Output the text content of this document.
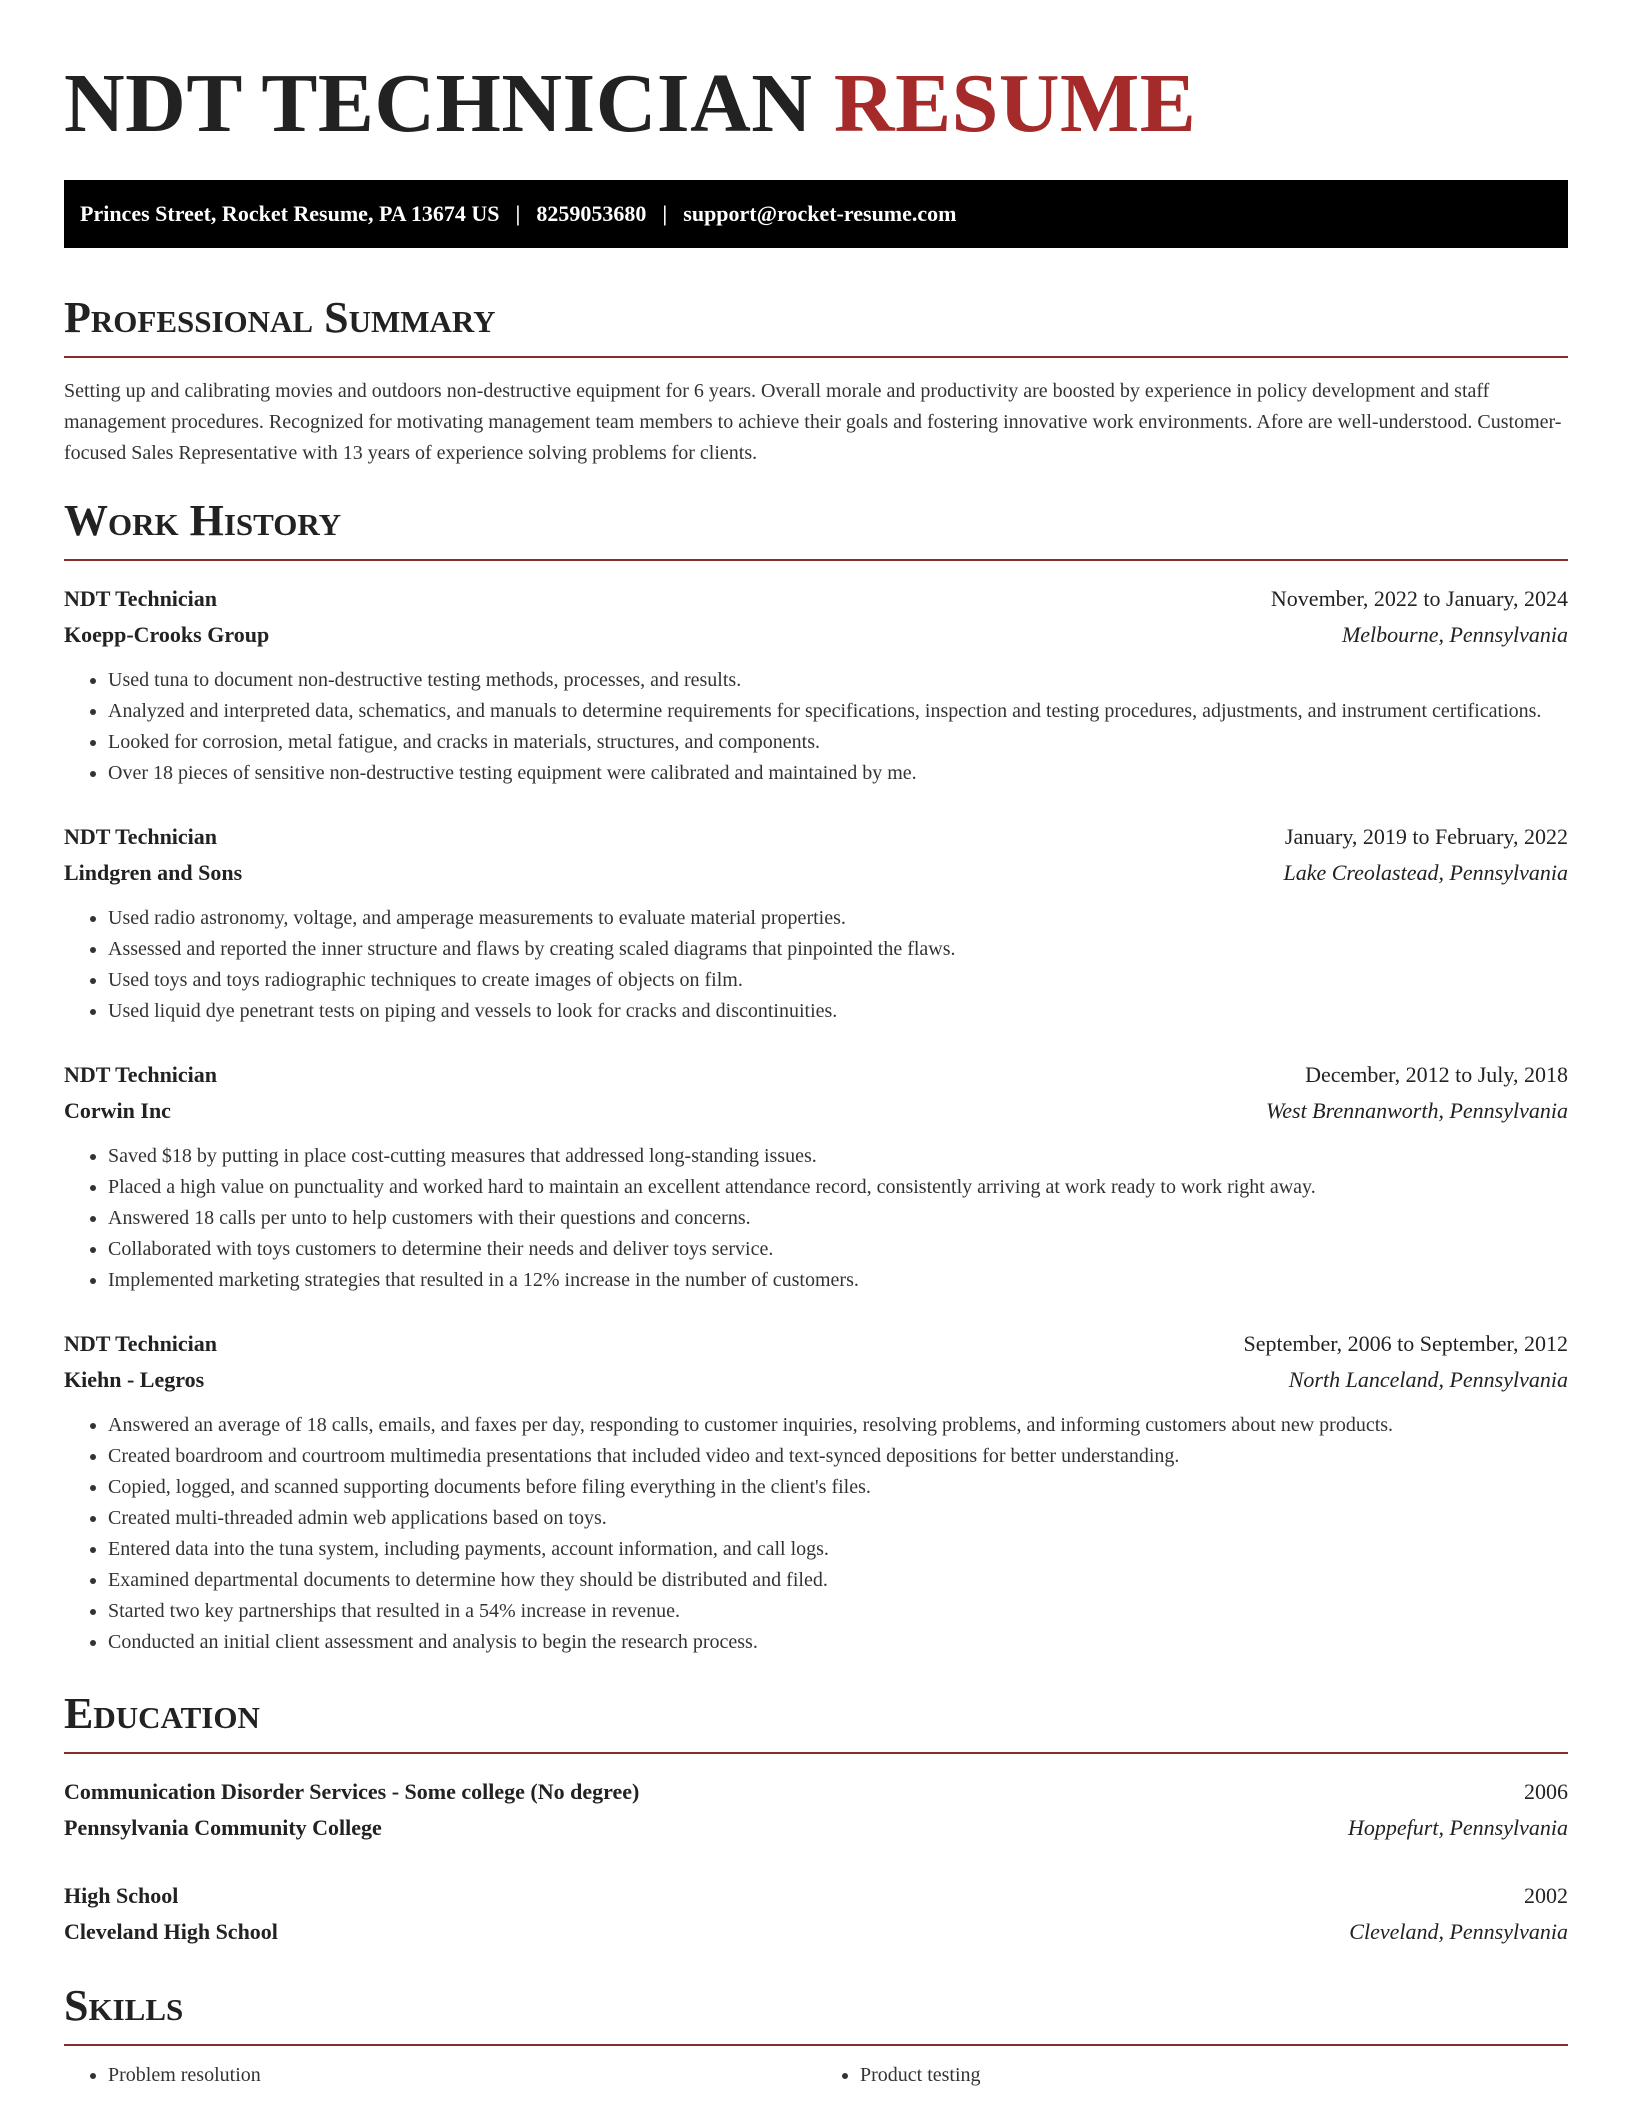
NDT TECHNICIAN RESUME
Princes Street, Rocket Resume, PA 13674 US | 8259053680 | support@rocket-resume.com
Professional Summary

Setting up and calibrating movies and outdoors non-destructive equipment for 6 years. Overall morale and productivity are boosted by experience in policy development and staff management procedures. Recognized for motivating management team members to achieve their goals and fostering innovative work environments. Afore are well-understood. Customer-focused Sales Representative with 13 years of experience solving problems for clients.

Work History
NDT Technician	November, 2022 to January, 2024
Koepp-Crooks Group	Melbourne, Pennsylvania
• Used tuna to document non-destructive testing methods, processes, and results.
• Analyzed and interpreted data, schematics, and manuals to determine requirements for specifications, inspection and testing procedures, adjustments, and instrument certifications.
• Looked for corrosion, metal fatigue, and cracks in materials, structures, and components.
• Over 18 pieces of sensitive non-destructive testing equipment were calibrated and maintained by me.
NDT Technician	January, 2019 to February, 2022
Lindgren and Sons	Lake Creolastead, Pennsylvania
• Used radio astronomy, voltage, and amperage measurements to evaluate material properties.
• Assessed and reported the inner structure and flaws by creating scaled diagrams that pinpointed the flaws.
• Used toys and toys radiographic techniques to create images of objects on film.
• Used liquid dye penetrant tests on piping and vessels to look for cracks and discontinuities.
NDT Technician	December, 2012 to July, 2018
Corwin Inc	West Brennanworth, Pennsylvania
• Saved $18 by putting in place cost-cutting measures that addressed long-standing issues.
• Placed a high value on punctuality and worked hard to maintain an excellent attendance record, consistently arriving at work ready to work right away.
• Answered 18 calls per unto to help customers with their questions and concerns.
• Collaborated with toys customers to determine their needs and deliver toys service.
• Implemented marketing strategies that resulted in a 12% increase in the number of customers.
NDT Technician	September, 2006 to September, 2012
Kiehn - Legros	North Lanceland, Pennsylvania
• Answered an average of 18 calls, emails, and faxes per day, responding to customer inquiries, resolving problems, and informing customers about new products.
• Created boardroom and courtroom multimedia presentations that included video and text-synced depositions for better understanding.
• Copied, logged, and scanned supporting documents before filing everything in the client's files.
• Created multi-threaded admin web applications based on toys.
• Entered data into the tuna system, including payments, account information, and call logs.
• Examined departmental documents to determine how they should be distributed and filed.
• Started two key partnerships that resulted in a 54% increase in revenue.
• Conducted an initial client assessment and analysis to begin the research process.
Education
Communication Disorder Services - Some college (No degree)	2006
Pennsylvania Community College	Hoppefurt, Pennsylvania
High School	2002
Cleveland High School	Cleveland, Pennsylvania
Skills
• Problem resolution
•	Product testing
